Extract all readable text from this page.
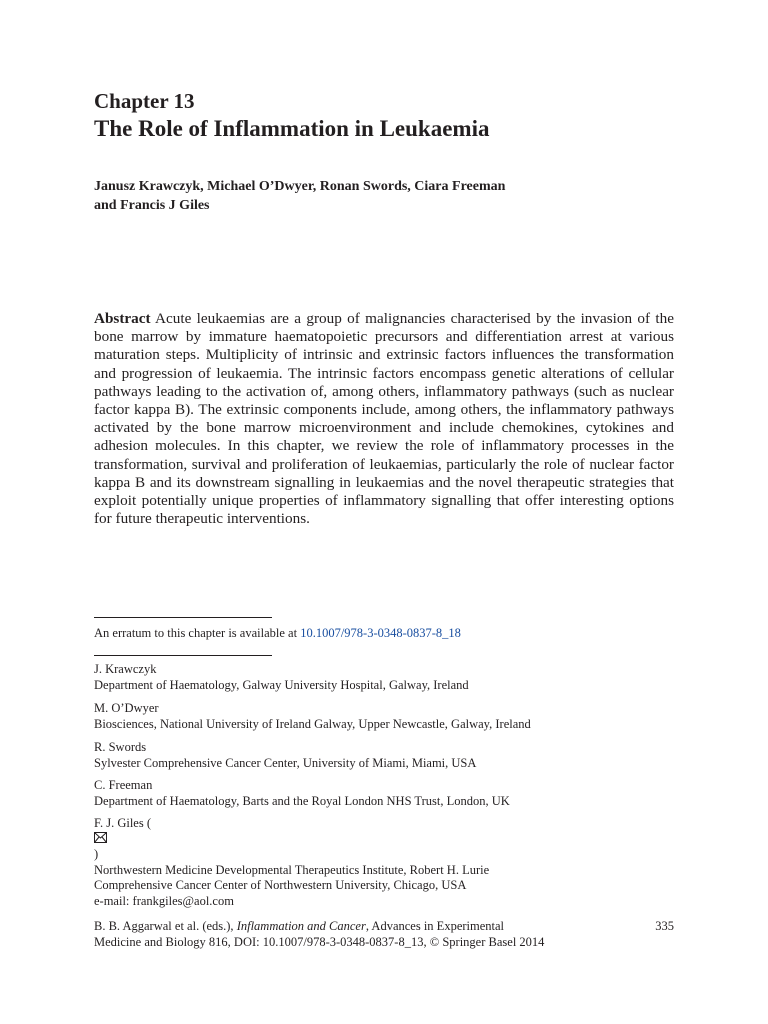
Chapter 13
The Role of Inflammation in Leukaemia
Janusz Krawczyk, Michael O’Dwyer, Ronan Swords, Ciara Freeman
and Francis J Giles
Abstract Acute leukaemias are a group of malignancies characterised by the invasion of the bone marrow by immature haematopoietic precursors and differentiation arrest at various maturation steps. Multiplicity of intrinsic and extrinsic factors influences the transformation and progression of leukaemia. The intrinsic factors encompass genetic alterations of cellular pathways leading to the activation of, among others, inflammatory pathways (such as nuclear factor kappa B). The extrinsic components include, among others, the inflammatory pathways activated by the bone marrow microenvironment and include chemokines, cytokines and adhesion molecules. In this chapter, we review the role of inflammatory processes in the transformation, survival and proliferation of leukaemias, particularly the role of nuclear factor kappa B and its downstream signalling in leukaemias and the novel therapeutic strategies that exploit potentially unique properties of inflammatory signalling that offer interesting options for future therapeutic interventions.
An erratum to this chapter is available at 10.1007/978-3-0348-0837-8_18
J. Krawczyk
Department of Haematology, Galway University Hospital, Galway, Ireland
M. O’Dwyer
Biosciences, National University of Ireland Galway, Upper Newcastle, Galway, Ireland
R. Swords
Sylvester Comprehensive Cancer Center, University of Miami, Miami, USA
C. Freeman
Department of Haematology, Barts and the Royal London NHS Trust, London, UK
F. J. Giles (
)
Northwestern Medicine Developmental Therapeutics Institute, Robert H. Lurie
Comprehensive Cancer Center of Northwestern University, Chicago, USA
e-mail: frankgiles@aol.com
B. B. Aggarwal et al. (eds.), Inflammation and Cancer, Advances in Experimental
Medicine and Biology 816, DOI: 10.1007/978-3-0348-0837-8_13, © Springer Basel 2014
335
